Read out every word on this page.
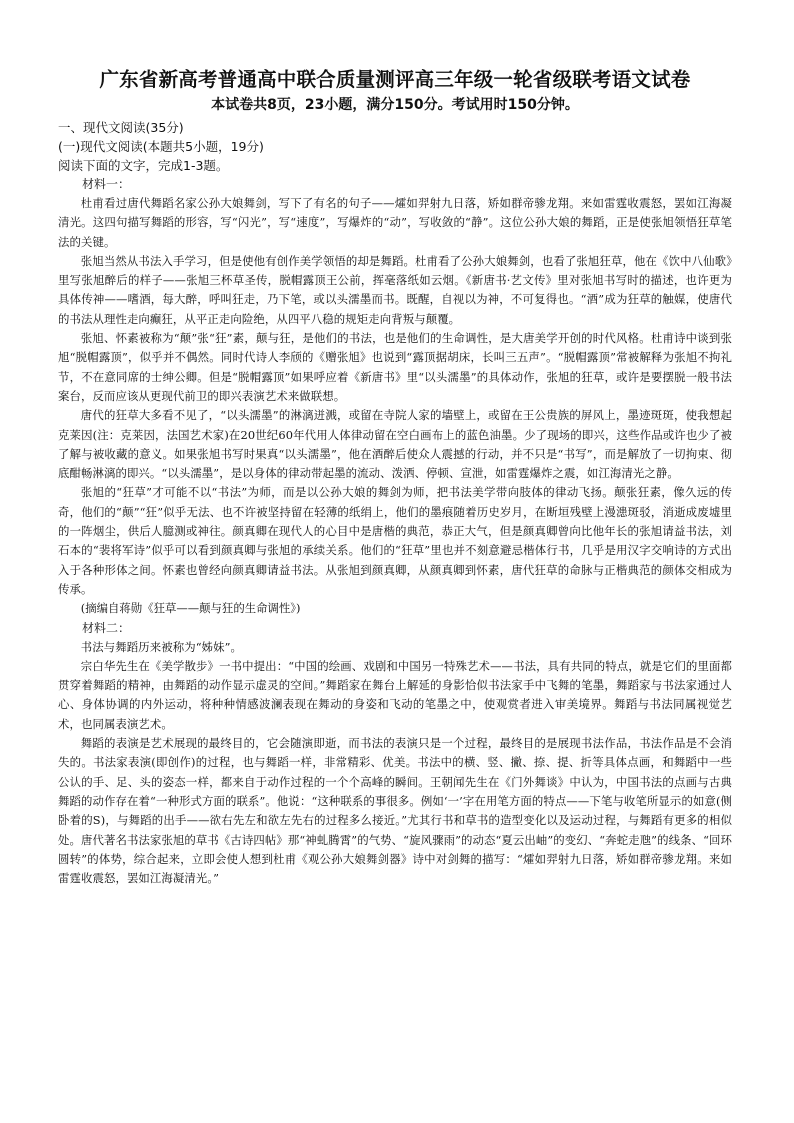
广东省新高考普通高中联合质量测评高三年级一轮省级联考语文试卷

本试卷共8页，23小题，满分150分。考试用时150分钟。

一、现代文阅读(35分)

(一)现代文阅读(本题共5小题，19分)

阅读下面的文字，完成1-3题。

材料一：

杜甫看过唐代舞蹈名家公孙大娘舞剑，写下了有名的句子——㸌如羿射九日落，矫如群帝骖龙翔。来如雷霆收震怒，罢如江海凝清光。这四句描写舞蹈的形容，写“闪光”，写“速度”，写爆炸的“动”，写收敛的“静”。这位公孙大娘的舞蹈，正是使张旭领悟狂草笔法的关键。

张旭当然从书法入手学习，但是使他有创作美学领悟的却是舞蹈。杜甫看了公孙大娘舞剑，也看了张旭狂草，他在《饮中八仙歌》里写张旭醉后的样子——张旭三杯草圣传，脱帽露顶王公前，挥毫落纸如云烟。《新唐书·艺文传》里对张旭书写时的描述，也许更为具体传神——嗜酒，每大醉，呼叫狂走，乃下笔，或以头濡墨而书。既醒，自视以为神，不可复得也。“酒”成为狂草的触媒，使唐代的书法从理性走向癫狂，从平正走向险绝，从四平八稳的规矩走向背叛与颠覆。

张旭、怀素被称为“颠”张“狂”素，颠与狂，是他们的书法，也是他们的生命调性，是大唐美学开创的时代风格。杜甫诗中谈到张旭“脱帽露顶”，似乎并不偶然。同时代诗人李颀的《赠张旭》也说到“露顶据胡床，长叫三五声”。“脱帽露顶”常被解释为张旭不拘礼节，不在意同席的士绅公卿。但是“脱帽露顶”如果呼应着《新唐书》里“以头濡墨”的具体动作，张旭的狂草，或许是要摆脱一般书法案台，反而应该从更现代前卫的即兴表演艺术来做联想。

唐代的狂草大多看不见了，“以头濡墨”的淋漓迸溅，或留在寺院人家的墙壁上，或留在王公贵族的屏风上，墨迹斑斑，使我想起克莱因(注：克莱因，法国艺术家)在20世纪60年代用人体律动留在空白画布上的蓝色油墨。少了现场的即兴，这些作品或许也少了被了解与被收藏的意义。如果张旭书写时果真“以头濡墨”，他在酒醉后使众人震撼的行动，并不只是“书写”，而是解放了一切拘束、彻底酣畅淋漓的即兴。“以头濡墨”，是以身体的律动带起墨的流动、泼洒、停顿、宣泄，如雷霆爆炸之震，如江海清光之静。

张旭的“狂草”才可能不以“书法”为师，而是以公孙大娘的舞剑为师，把书法美学带向肢体的律动飞扬。颠张狂素，像久远的传奇，他们的“颠”“狂”似乎无法、也不许被坚持留在轻薄的纸绢上，他们的墨痕随着历史岁月，在断垣残壁上漫漶斑驳，消逝成废墟里的一阵烟尘，供后人臆测或神往。颜真卿在现代人的心目中是唐楷的典范，恭正大气，但是颜真卿曾向比他年长的张旭请益书法，刘石本的“裴将军诗”似乎可以看到颜真卿与张旭的承续关系。他们的“狂草”里也并不刻意避忌楷体行书，几乎是用汉字交响诗的方式出入于各种形体之间。怀素也曾经向颜真卿请益书法。从张旭到颜真卿，从颜真卿到怀素，唐代狂草的命脉与正楷典范的颜体交相成为传承。

(摘编自蒋勋《狂草——颠与狂的生命调性》)

材料二：

书法与舞蹈历来被称为“姊妹”。

宗白华先生在《美学散步》一书中提出：“中国的绘画、戏剧和中国另一特殊艺术——书法，具有共同的特点，就是它们的里面都贯穿着舞蹈的精神，由舞蹈的动作显示虚灵的空间。”舞蹈家在舞台上解延的身影恰似书法家手中飞舞的笔墨，舞蹈家与书法家通过人心、身体协调的内外运动，将种种情感波澜表现在舞动的身姿和飞动的笔墨之中，使观赏者进入审美境界。舞蹈与书法同属视觉艺术，也同属表演艺术。

舞蹈的表演是艺术展现的最终目的，它会随演即逝，而书法的表演只是一个过程，最终目的是展现书法作品，书法作品是不会消失的。书法家表演(即创作)的过程，也与舞蹈一样，非常精彩、优美。书法中的横、竖、撇、捺、提、折等具体点画，和舞蹈中一些公认的手、足、头的姿态一样，都来自于动作过程的一个个高峰的瞬间。王朝闻先生在《门外舞谈》中认为，中国书法的点画与古典舞蹈的动作存在着“一种形式方面的联系”。他说：“这种联系的事很多。例如‘一’字在用笔方面的特点——下笔与收笔所显示的如意(侧卧着的S)，与舞蹈的出手——欲右先左和欲左先右的过程多么接近。”尤其行书和草书的造型变化以及运动过程，与舞蹈有更多的相似处。唐代著名书法家张旭的草书《古诗四帖》那“神虬腾霄”的气势、“旋风骤雨”的动态“夏云出岫”的变幻、“奔蛇走虺”的线条、“回环圆转”的体势，综合起来，立即会使人想到杜甫《观公孙大娘舞剑器》诗中对剑舞的描写：“㸌如羿射九日落，矫如群帝骖龙翔。来如雷霆收震怒，罢如江海凝清光。”
